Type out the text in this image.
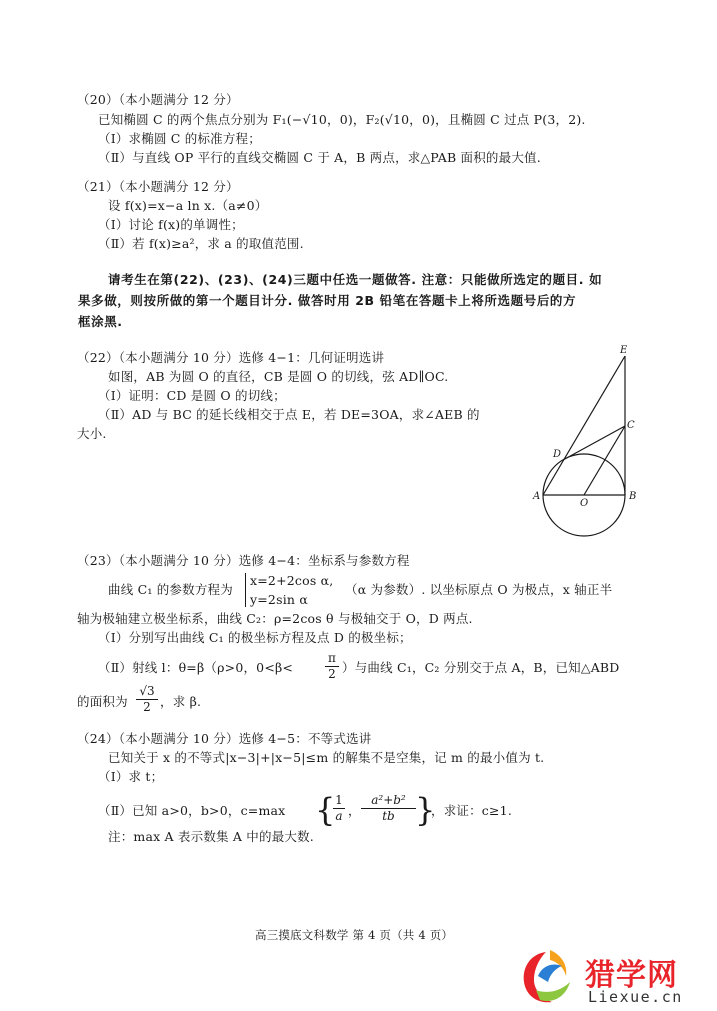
（20）（本小题满分 12 分）
已知椭圆 C 的两个焦点分别为 F₁(−√10，0)，F₂(√10，0)，且椭圆 C 过点 P(3，2).
（Ⅰ）求椭圆 C 的标准方程；
（Ⅱ）与直线 OP 平行的直线交椭圆 C 于 A，B 两点，求△PAB 面积的最大值.
（21）（本小题满分 12 分）
设 f(x)=x−a ln x.（a≠0）
（Ⅰ）讨论 f(x)的单调性；
（Ⅱ）若 f(x)≥a²，求 a 的取值范围.
请考生在第(22)、(23)、(24)三题中任选一题做答. 注意：只能做所选定的题目. 如
果多做，则按所做的第一个题目计分. 做答时用 2B 铅笔在答题卡上将所选题号后的方
框涂黑.
（22）（本小题满分 10 分）选修 4−1：几何证明选讲
如图，AB 为圆 O 的直径，CB 是圆 O 的切线，弦 AD∥OC.
（Ⅰ）证明：CD 是圆 O 的切线；
（Ⅱ）AD 与 BC 的延长线相交于点 E，若 DE=3OA，求∠AEB 的
大小.
E
C
D
A
O
B
（23）（本小题满分 10 分）选修 4−4：坐标系与参数方程
曲线 C₁ 的参数方程为
x=2+2cos α,
y=2sin α
（α 为参数）. 以坐标原点 O 为极点，x 轴正半
轴为极轴建立极坐标系，曲线 C₂：ρ=2cos θ 与极轴交于 O，D 两点.
（Ⅰ）分别写出曲线 C₁ 的极坐标方程及点 D 的极坐标；
（Ⅱ）射线 l：θ=β（ρ>0，0<β<	$\frac{\pi}{2}$ ）与曲线 C₁，C₂ 分别交于点 A，B，已知△ABD
的面积为 $\frac{√3}{2}$ ，求 β.
（24）（本小题满分 10 分）选修 4−5：不等式选讲
已知关于 x 的不等式|x−3|+|x−5|≤m 的解集不是空集，记 m 的最小值为 t.
（Ⅰ）求 t；
（Ⅱ）已知 a>0，b>0，c=max {
$\frac{1}{a}$ ， $\frac{\text{a²+b²}}{tb}$ }
，求证：c≥1.
注：max A 表示数集 A 中的最大数.
高三摸底文科数学 第 4 页（共 4 页）
猎学网
Liexue.cn
